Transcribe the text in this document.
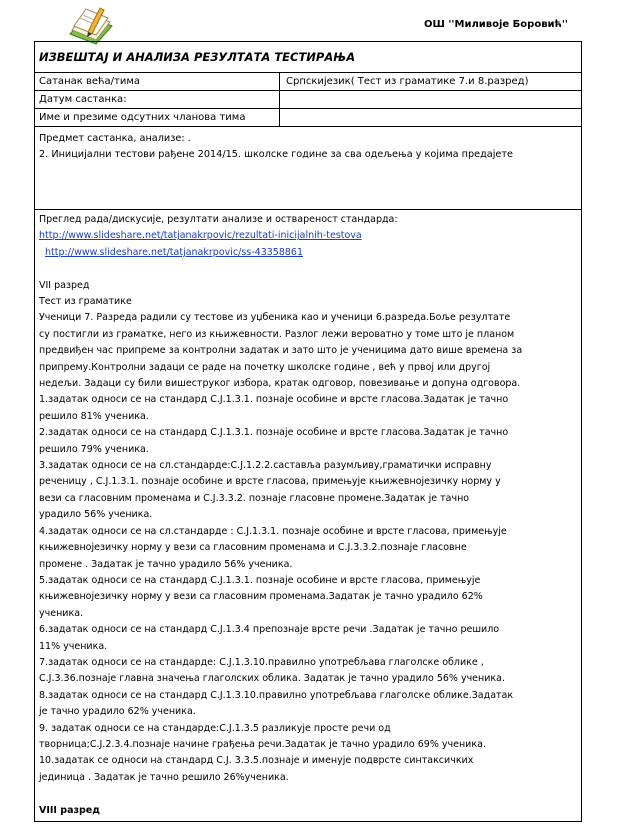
ОШ ''Миливоје Боровић''
ИЗВЕШТАЈ И АНАЛИЗА РЕЗУЛТАТА ТЕСТИРАЊА
Сатанак већа/тима	Српскијезик( Тест из граматике 7.и 8.разред)
Датум састанка:
Име и презиме одсутних чланова тима
Предмет састанка, анализе: .
2. Иницијални тестови рађене 2014/15. школске године за сва одељења у којима предајете

Преглед рада/дискусије, резултати анализе и оствареност стандарда:

http://www.slideshare.net/tatjanakrpovic/rezultati-inicijalnih-testova

http://www.slideshare.net/tatjanakrpovic/ss-43358861

VII разред

Тест из граматике

Ученици 7. Разреда радили су тестове из уџбеника као и ученици 6.разреда.Боље резултате

су постигли из граматке, него из књижевности. Разлог лежи вероватно у томе што је планом

предвиђен час припреме за контролни задатак и зато што је ученицима дато више времена за

припрему.Контролни задаци се раде на почетку школске године , већ у првој или другој

недељи. Задаци су били вишеструког избора, кратак одговор, повезивање и допуна одговора.

1.задатак односи се на стандард С.Ј.1.3.1. познаје особине и врсте гласова.Задатак је тачно

решило 81% ученика.

2.задатак односи се на стандард С.Ј.1.3.1. познаје особине и врсте гласова.Задатак је тачно

решило 79% ученика.

3.задатак односи се на сл.стандарде:С.Ј.1.2.2.саставља разумљиву,граматички исправну

реченицу , С.Ј.1.3.1. познаје особине и врсте гласова, примењује књижевнојезичку норму у

вези са гласовним променама и С.Ј.3.3.2. познаје гласовне промене.Задатак је тачно

урадило 56% ученика.

4.задатак односи се на сл.стандарде : С.Ј.1.3.1. познаје особине и врсте гласова, примењује

књижевнојезичку норму у вези са гласовним променама и С.Ј.3.3.2.познаје гласовне

промене . Задатак је тачно урадило 56% ученика.

5.задатак односи се на стандард С.Ј.1.3.1. познаје особине и врсте гласова, примењује

књижевнојезичку норму у вези са гласовним променама.Задатак је тачно урадило 62%

ученика.

6.задатак односи се на стандард С.Ј.1.3.4 препознаје врсте речи .Задатак је тачно решило

11% ученика.

7.задатак односи се на стандарде: С.Ј.1.3.10.правилно употребљава глаголске облике ,

С.Ј.3.36.познаје главна значења глаголских облика. Задатак је тачно урадило 56% ученика.

8.задатак односи се на стандард С.Ј.1.3.10.правилно употребљава глаголске облике.Задатак

је тачно урадило 62% ученика.

9. задатак односи се на стандарде:С.Ј.1.3.5 разликује просте речи од

творница;С.Ј.2.3.4.познаје начине грађења речи.Задатак је тачно урадило 69% ученика.

10.задатак се односи на стандард С.Ј. 3.3.5.познаје и именује подврсте синтаксичких

јединица . Задатак је тачно решило 26%ученика.

VIII разред
